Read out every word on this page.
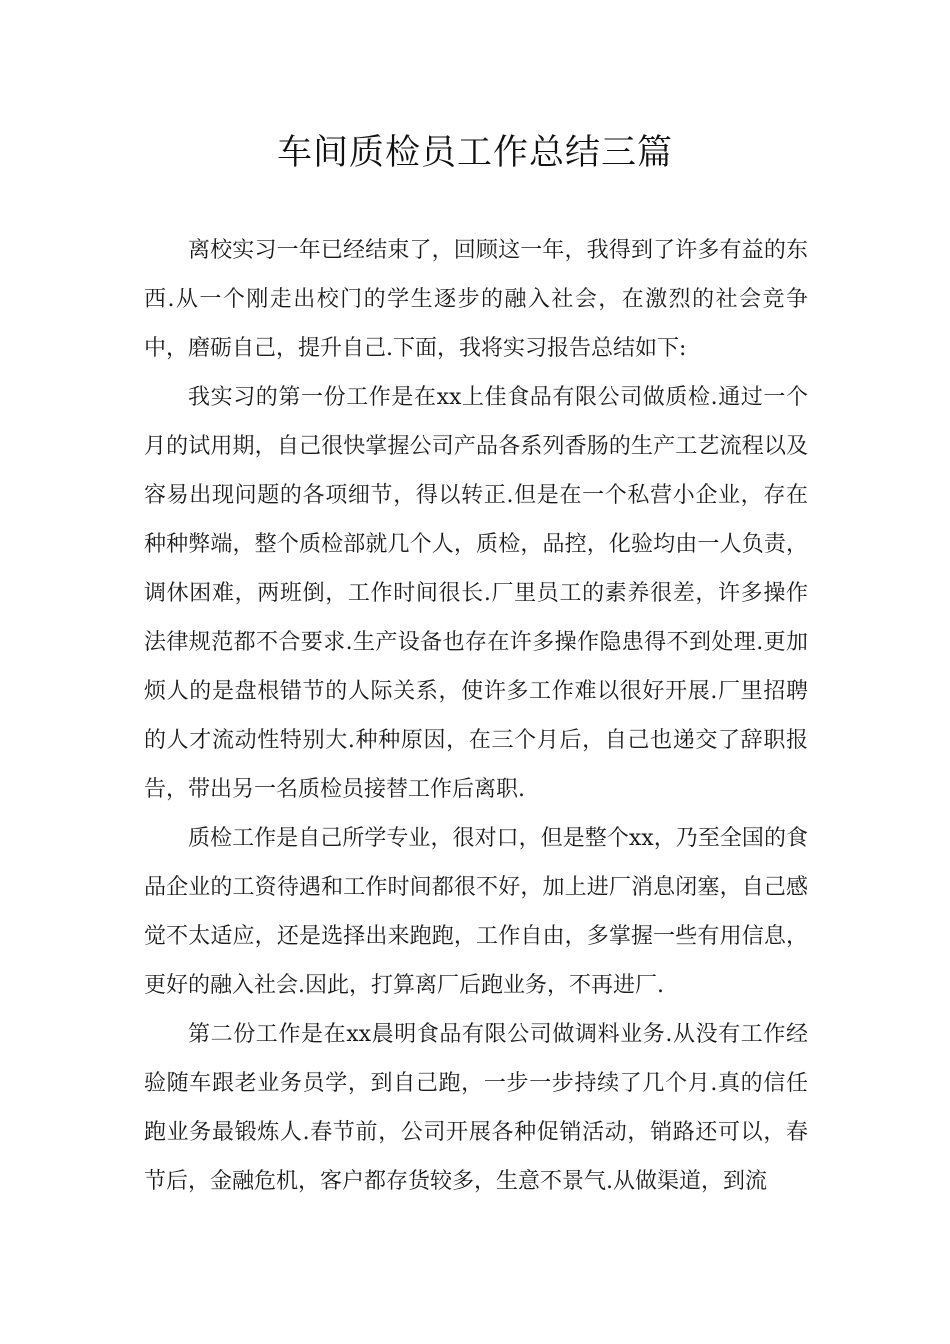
车间质检员工作总结三篇

离校实习一年已经结束了，回顾这一年，我得到了许多有益的东西.从一个刚走出校门的学生逐步的融入社会，在激烈的社会竞争中，磨砺自己，提升自己.下面，我将实习报告总结如下:

我实习的第一份工作是在xx上佳食品有限公司做质检.通过一个月的试用期，自己很快掌握公司产品各系列香肠的生产工艺流程以及容易出现问题的各项细节，得以转正.但是在一个私营小企业，存在种种弊端，整个质检部就几个人，质检，品控，化验均由一人负责，调休困难，两班倒，工作时间很长.厂里员工的素养很差，许多操作法律规范都不合要求.生产设备也存在许多操作隐患得不到处理.更加烦人的是盘根错节的人际关系，使许多工作难以很好开展.厂里招聘的人才流动性特别大.种种原因，在三个月后，自己也递交了辞职报告，带出另一名质检员接替工作后离职.

质检工作是自己所学专业，很对口，但是整个xx，乃至全国的食品企业的工资待遇和工作时间都很不好，加上进厂消息闭塞，自己感觉不太适应，还是选择出来跑跑，工作自由，多掌握一些有用信息，更好的融入社会.因此，打算离厂后跑业务，不再进厂.

第二份工作是在xx晨明食品有限公司做调料业务.从没有工作经验随车跟老业务员学，到自己跑，一步一步持续了几个月.真的信任跑业务最锻炼人.春节前，公司开展各种促销活动，销路还可以，春节后，金融危机，客户都存货较多，生意不景气.从做渠道，到流
